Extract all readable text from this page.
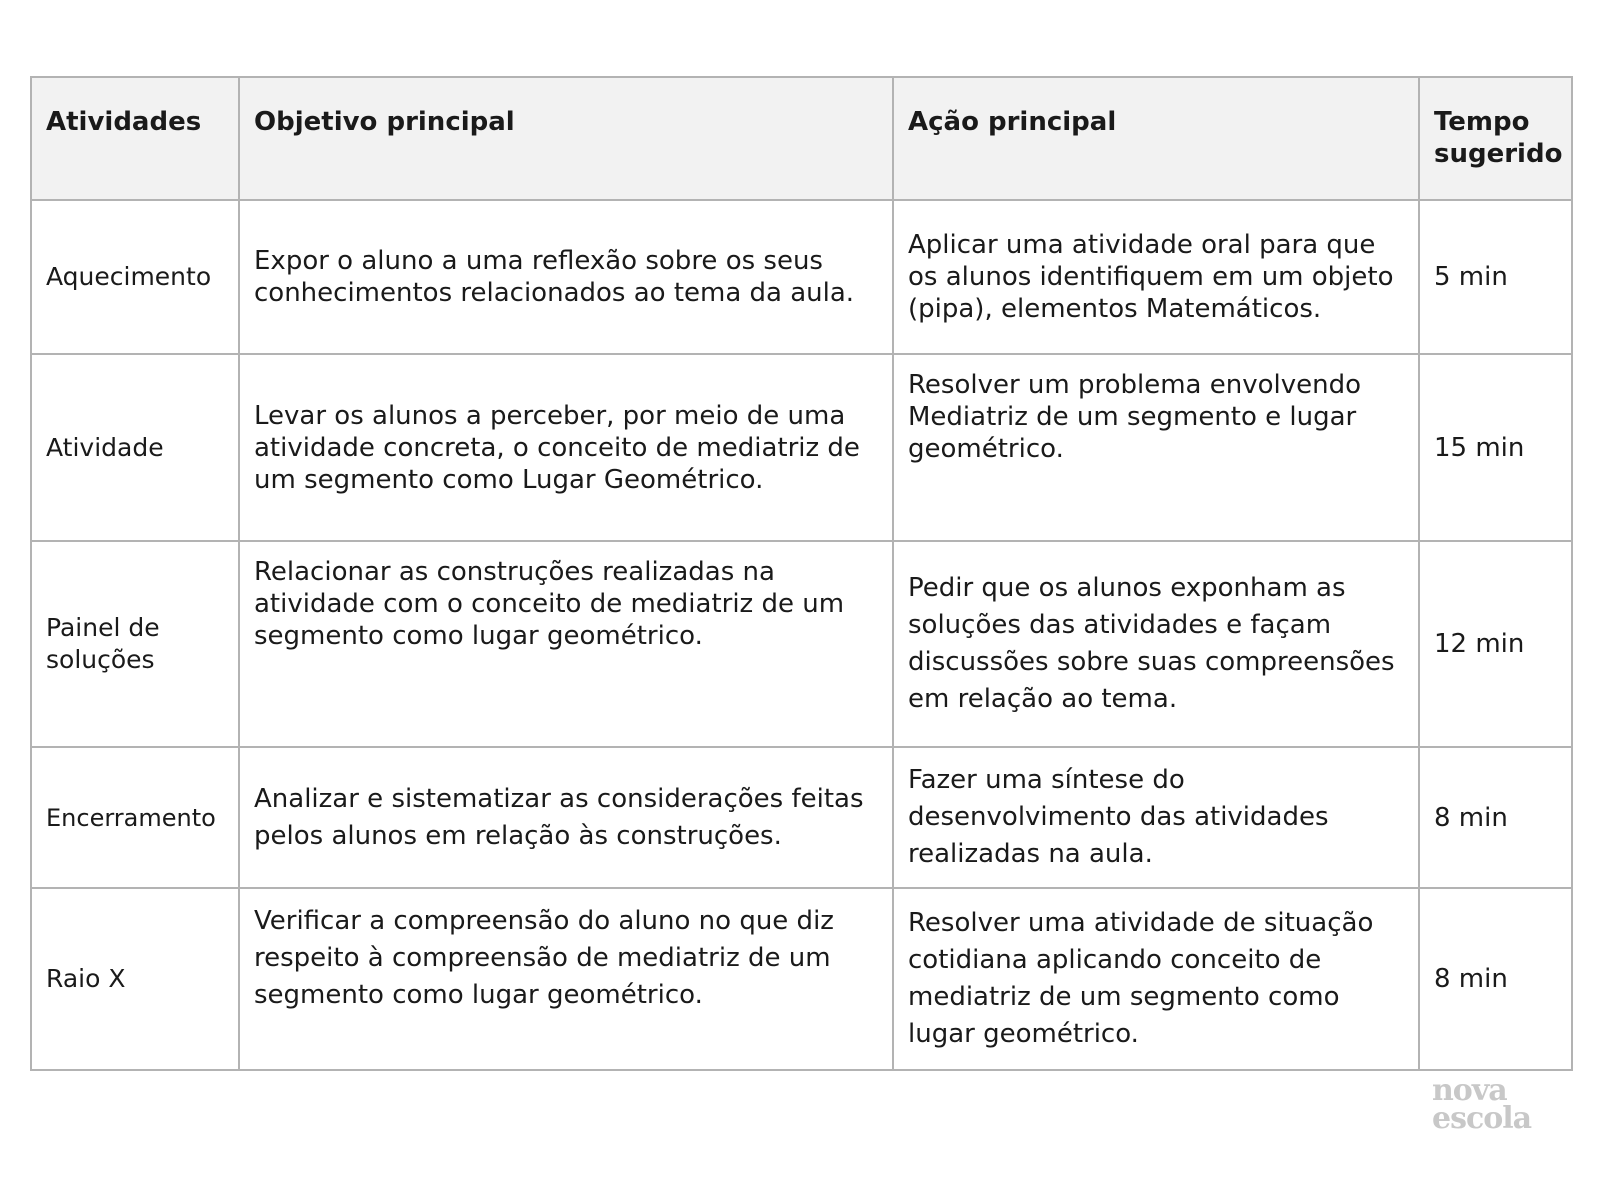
Atividades	Objetivo principal	Ação principal	Tempo sugerido
Aquecimento	Expor o aluno a uma reflexão sobre os seus conhecimentos relacionados ao tema da aula.	Aplicar uma atividade oral para que os alunos identifiquem em um objeto (pipa), elementos Matemáticos.	5 min
Atividade	Levar os alunos a perceber, por meio de uma atividade concreta, o conceito de mediatriz de um segmento como Lugar Geométrico.	Resolver um problema envolvendo Mediatriz de um segmento e lugar geométrico.	15 min
Painel de soluções	Relacionar as construções realizadas na atividade com o conceito de mediatriz de um segmento como lugar geométrico.	Pedir que os alunos exponham as soluções das atividades e façam discussões sobre suas compreensões em relação ao tema.	12 min
Encerramento	Analizar e sistematizar as considerações feitas pelos alunos em relação às construções.	Fazer uma síntese do desenvolvimento das atividades realizadas na aula.	8 min
Raio X	Verificar a compreensão do aluno no que diz respeito à compreensão de mediatriz de um segmento como lugar geométrico.	Resolver uma atividade de situação cotidiana aplicando conceito de mediatriz de um segmento como lugar geométrico.	8 min
nova
escola
